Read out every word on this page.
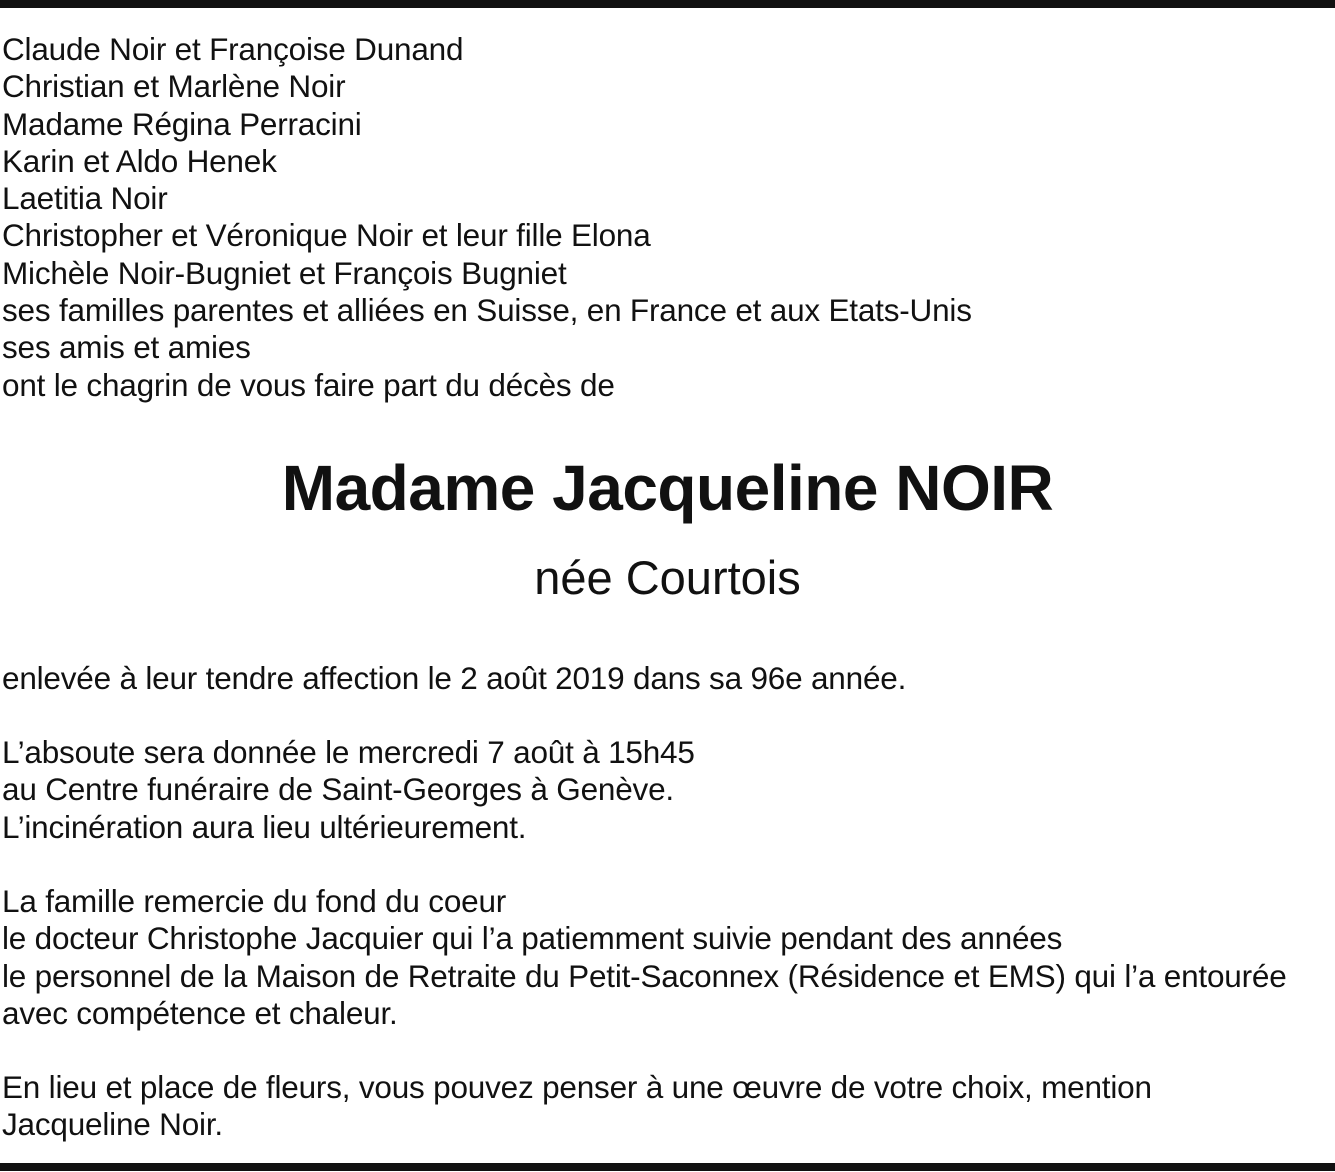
Claude Noir et Françoise Dunand
Christian et Marlène Noir
Madame Régina Perracini
Karin et Aldo Henek
Laetitia Noir
Christopher et Véronique Noir et leur fille Elona
Michèle Noir-Bugniet et François Bugniet
ses familles parentes et alliées en Suisse, en France et aux Etats-Unis
ses amis et amies
ont le chagrin de vous faire part du décès de
Madame Jacqueline NOIR
née Courtois
enlevée à leur tendre affection le 2 août 2019 dans sa 96e année.
L’absoute sera donnée le mercredi 7 août à 15h45
au Centre funéraire de Saint-Georges à Genève.
L’incinération aura lieu ultérieurement.
La famille remercie du fond du coeur
le docteur Christophe Jacquier qui l’a patiemment suivie pendant des années
le personnel de la Maison de Retraite du Petit-Saconnex (Résidence et EMS) qui l’a entourée
avec compétence et chaleur.
En lieu et place de fleurs, vous pouvez penser à une œuvre de votre choix, mention
Jacqueline Noir.
